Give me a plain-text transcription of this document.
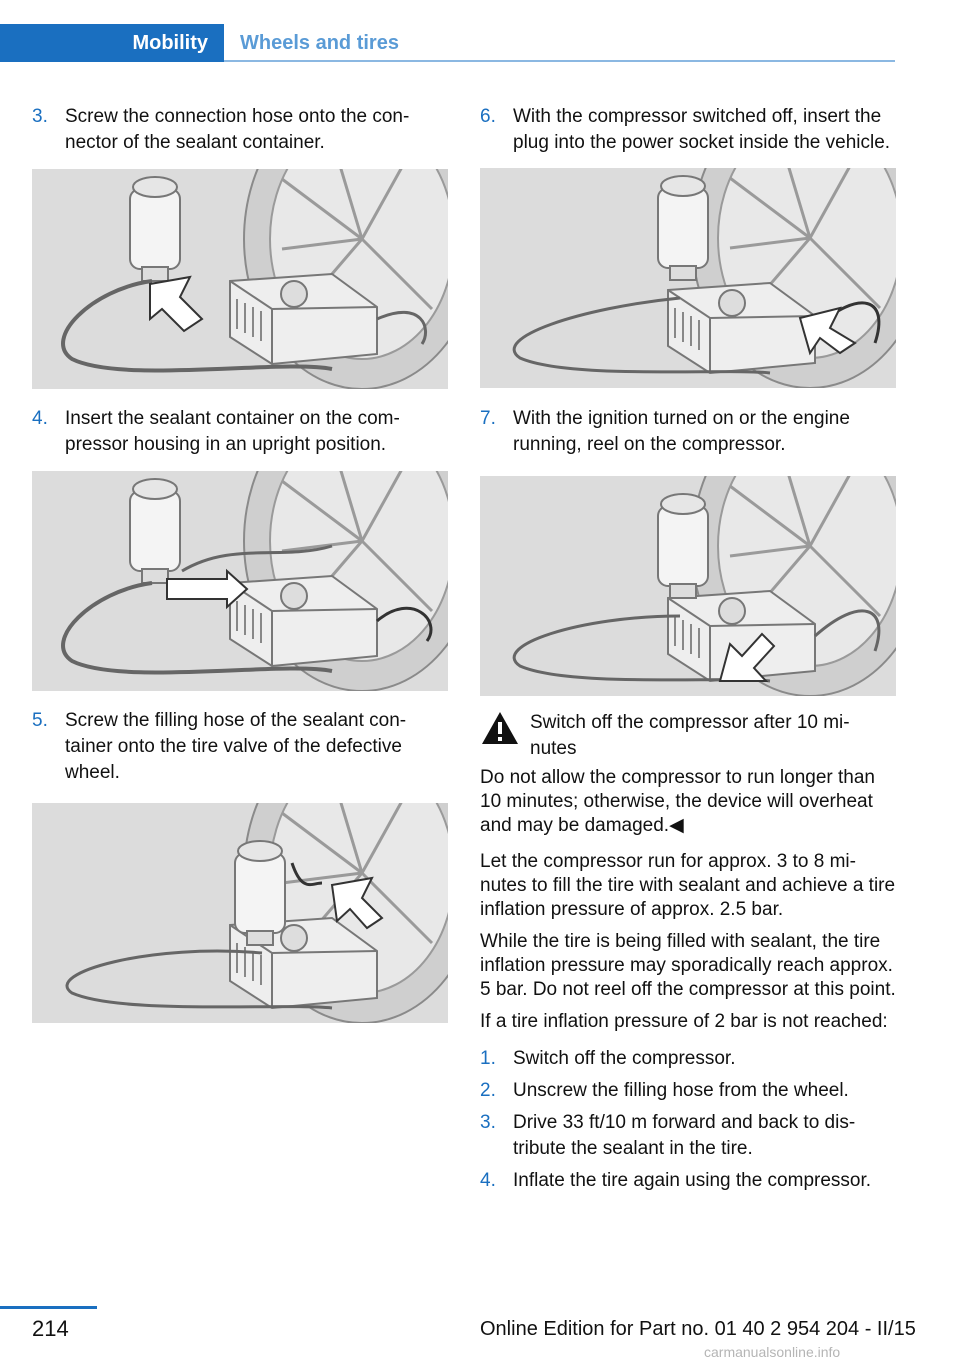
Mobility Wheels and tires
3. Screw the connection hose onto the con‐nector of the sealant container.
4. Insert the sealant container on the com‐pressor housing in an upright position.
5. Screw the filling hose of the sealant con‐tainer onto the tire valve of the defective wheel.
6. With the compressor switched off, insert the plug into the power socket inside the vehicle.
7. With the ignition turned on or the engine running, reel on the compressor.
Switch off the compressor after 10 mi‐nutes
Do not allow the compressor to run longer than 10 minutes; otherwise, the device will overheat and may be damaged.◀
Let the compressor run for approx. 3 to 8 mi‐nutes to fill the tire with sealant and achieve a tire inflation pressure of approx. 2.5 bar.
While the tire is being filled with sealant, the tire inflation pressure may sporadically reach approx. 5 bar. Do not reel off the compressor at this point.
If a tire inflation pressure of 2 bar is not reached:
1. Switch off the compressor.
2. Unscrew the filling hose from the wheel.
3. Drive 33 ft/10 m forward and back to dis‐tribute the sealant in the tire.
4. Inflate the tire again using the compressor.
214	Online Edition for Part no. 01 40 2 954 204 - II/15
carmanualsonline.info
